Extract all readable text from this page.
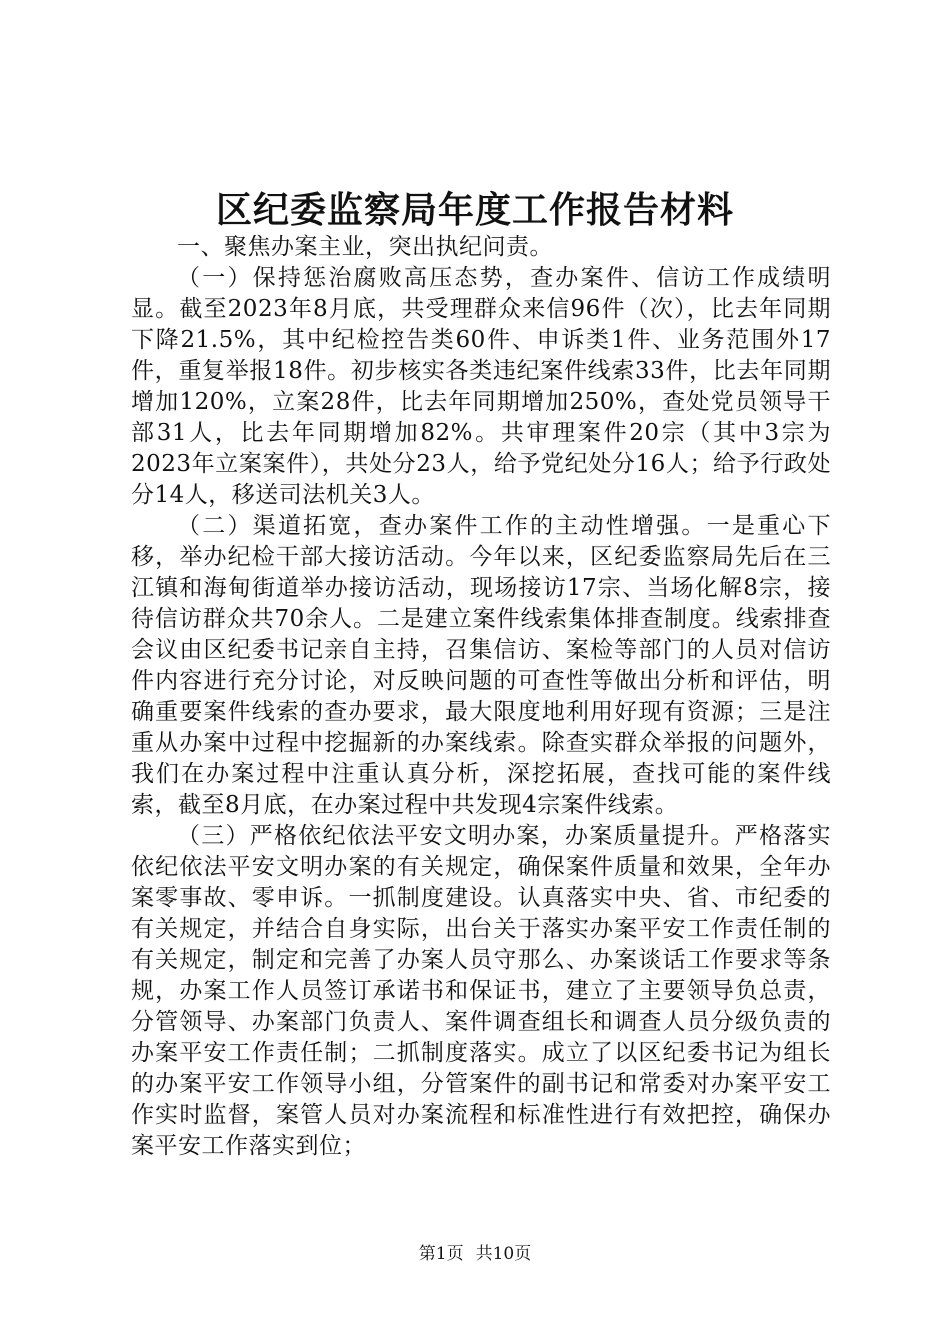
区纪委监察局年度工作报告材料

一、聚焦办案主业，突出执纪问责。

（一）保持惩治腐败高压态势，查办案件、信访工作成绩明显。截至2023年8月底，共受理群众来信96件（次），比去年同期下降21.5%，其中纪检控告类60件、申诉类1件、业务范围外17件，重复举报18件。初步核实各类违纪案件线索33件，比去年同期增加120%，立案28件，比去年同期增加250%，查处党员领导干部31人，比去年同期增加82%。共审理案件20宗（其中3宗为2023年立案案件），共处分23人，给予党纪处分16人；给予行政处分14人，移送司法机关3人。

（二）渠道拓宽，查办案件工作的主动性增强。一是重心下移，举办纪检干部大接访活动。今年以来，区纪委监察局先后在三江镇和海甸街道举办接访活动，现场接访17宗、当场化解8宗，接待信访群众共70余人。二是建立案件线索集体排查制度。线索排查会议由区纪委书记亲自主持，召集信访、案检等部门的人员对信访件内容进行充分讨论，对反映问题的可查性等做出分析和评估，明确重要案件线索的查办要求，最大限度地利用好现有资源；三是注重从办案中过程中挖掘新的办案线索。除查实群众举报的问题外，我们在办案过程中注重认真分析，深挖拓展，查找可能的案件线索，截至8月底，在办案过程中共发现4宗案件线索。

（三）严格依纪依法平安文明办案，办案质量提升。严格落实依纪依法平安文明办案的有关规定，确保案件质量和效果，全年办案零事故、零申诉。一抓制度建设。认真落实中央、省、市纪委的有关规定，并结合自身实际，出台关于落实办案平安工作责任制的有关规定，制定和完善了办案人员守那么、办案谈话工作要求等条规，办案工作人员签订承诺书和保证书，建立了主要领导负总责，分管领导、办案部门负责人、案件调查组长和调查人员分级负责的办案平安工作责任制；二抓制度落实。成立了以区纪委书记为组长的办案平安工作领导小组，分管案件的副书记和常委对办案平安工作实时监督，案管人员对办案流程和标准性进行有效把控，确保办案平安工作落实到位；

第1页 共10页
